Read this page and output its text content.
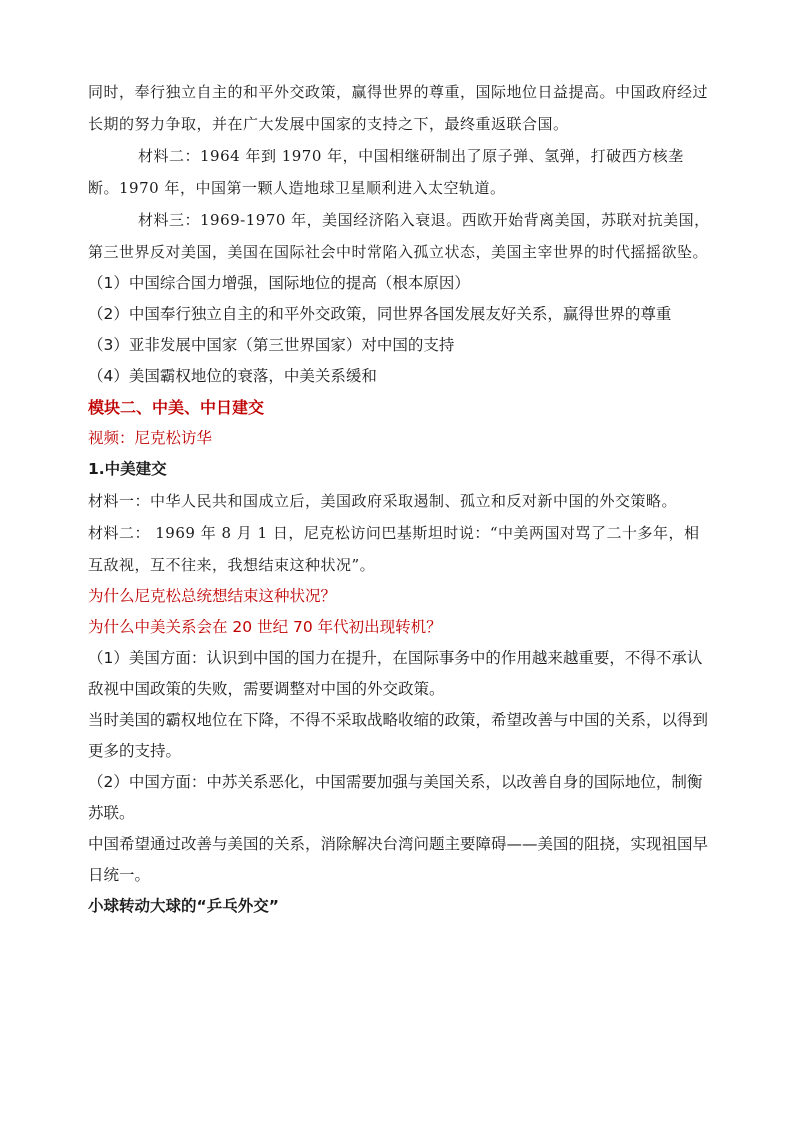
同时，奉行独立自主的和平外交政策，赢得世界的尊重，国际地位日益提高。中国政府经过长期的努力争取，并在广大发展中国家的支持之下，最终重返联合国。

材料二：1964 年到 1970 年，中国相继研制出了原子弹、氢弹，打破西方核垄断。1970 年，中国第一颗人造地球卫星顺利进入太空轨道。

材料三：1969-1970 年，美国经济陷入衰退。西欧开始背离美国，苏联对抗美国，第三世界反对美国，美国在国际社会中时常陷入孤立状态，美国主宰世界的时代摇摇欲坠。

（1）中国综合国力增强，国际地位的提高（根本原因）

（2）中国奉行独立自主的和平外交政策，同世界各国发展友好关系，赢得世界的尊重

（3）亚非发展中国家（第三世界国家）对中国的支持

（4）美国霸权地位的衰落，中美关系缓和

模块二、中美、中日建交

视频：尼克松访华

1.中美建交

材料一：中华人民共和国成立后，美国政府采取遏制、孤立和反对新中国的外交策略。

材料二： 1969 年 8 月 1 日，尼克松访问巴基斯坦时说：“中美两国对骂了二十多年，相互敌视，互不往来，我想结束这种状况”。

为什么尼克松总统想结束这种状况？

为什么中美关系会在 20 世纪 70 年代初出现转机？

（1）美国方面：认识到中国的国力在提升，在国际事务中的作用越来越重要，不得不承认敌视中国政策的失败，需要调整对中国的外交政策。

当时美国的霸权地位在下降，不得不采取战略收缩的政策，希望改善与中国的关系，以得到更多的支持。

（2）中国方面：中苏关系恶化，中国需要加强与美国关系，以改善自身的国际地位，制衡苏联。

中国希望通过改善与美国的关系，消除解决台湾问题主要障碍——美国的阻挠，实现祖国早日统一。

小球转动大球的“乒乓外交”
